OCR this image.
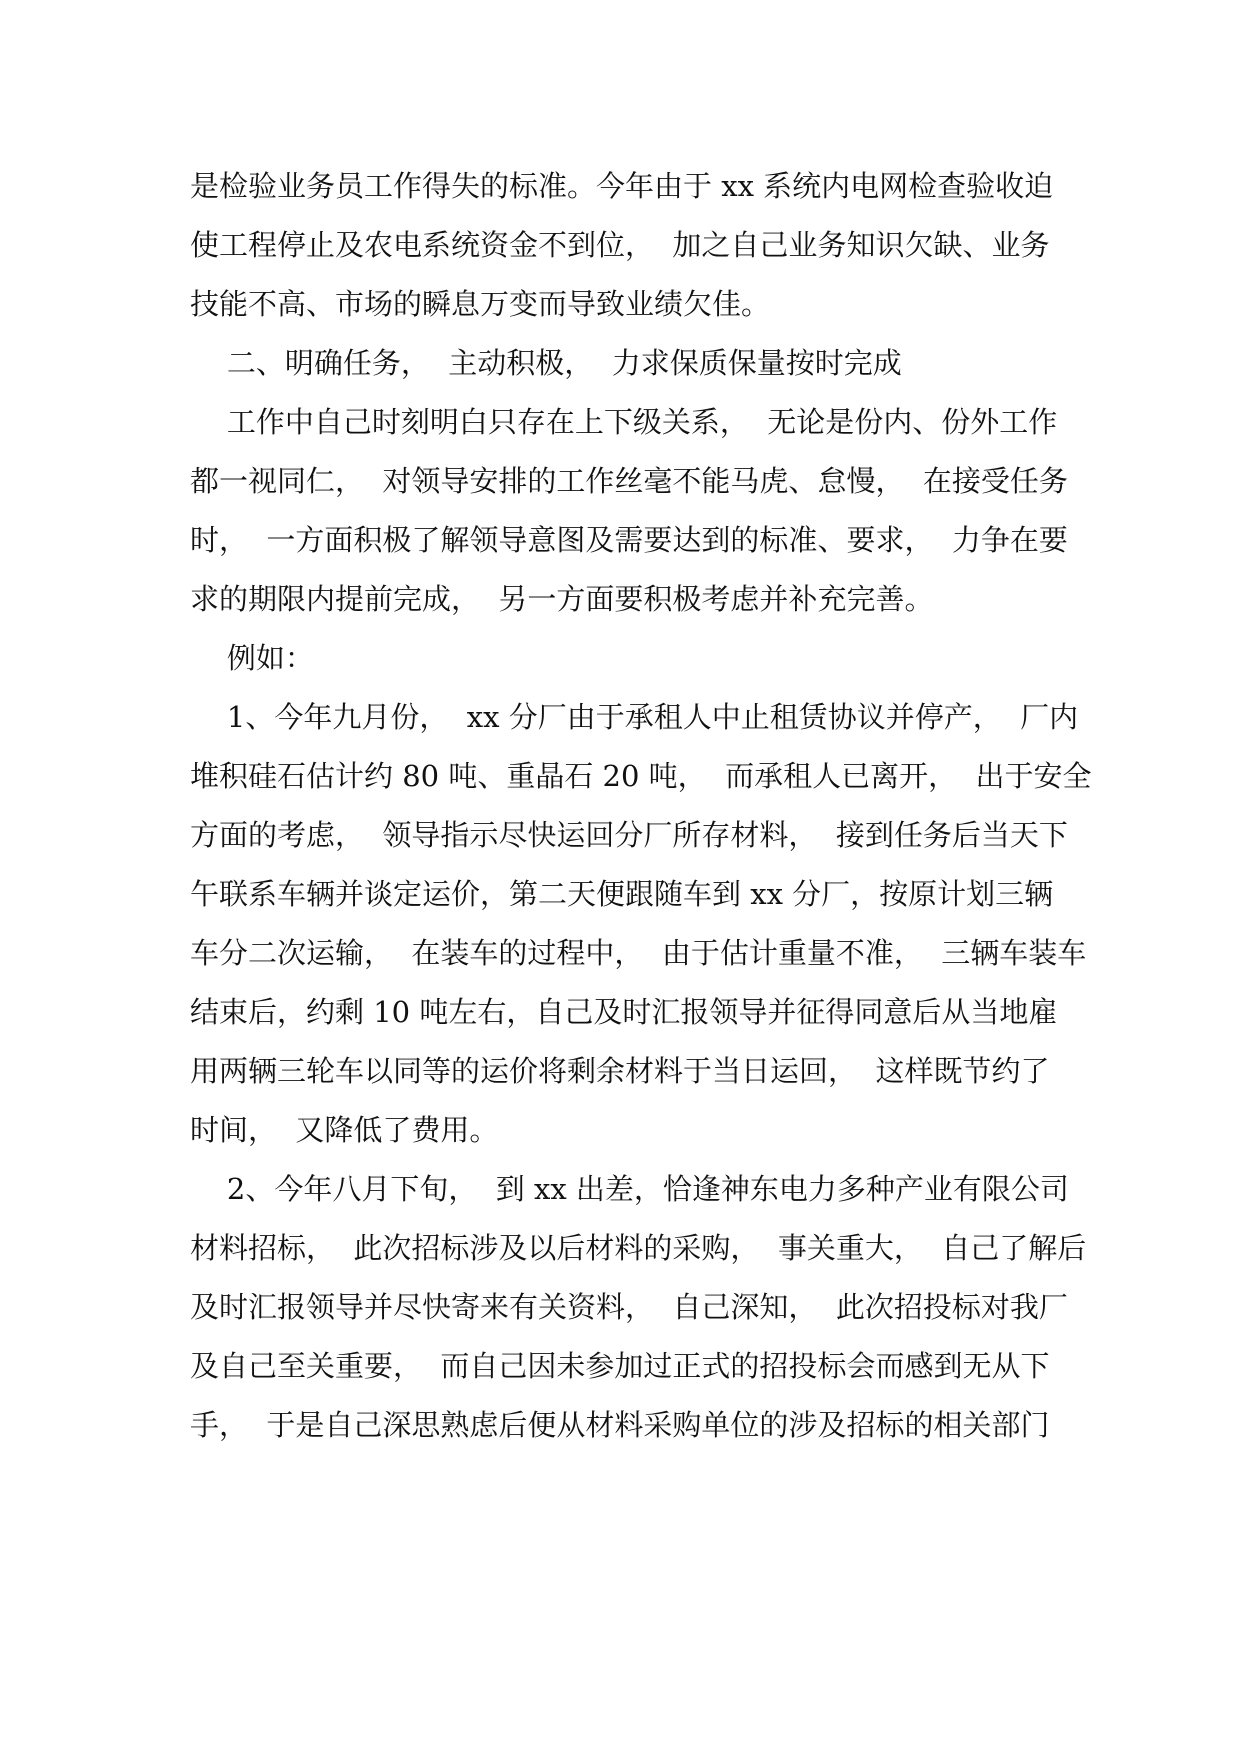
是检验业务员工作得失的标准。今年由于 xx 系统内电网检查验收迫
使工程停止及农电系统资金不到位，  加之自己业务知识欠缺、业务
技能不高、市场的瞬息万变而导致业绩欠佳。
二、明确任务，  主动积极，  力求保质保量按时完成
工作中自己时刻明白只存在上下级关系，  无论是份内、份外工作
都一视同仁，  对领导安排的工作丝毫不能马虎、怠慢，  在接受任务
时，  一方面积极了解领导意图及需要达到的标准、要求，  力争在要
求的期限内提前完成，  另一方面要积极考虑并补充完善。
例如：
1、今年九月份，  xx 分厂由于承租人中止租赁协议并停产，  厂内
堆积硅石估计约 80 吨、重晶石 20 吨，  而承租人已离开，  出于安全
方面的考虑，  领导指示尽快运回分厂所存材料，  接到任务后当天下
午联系车辆并谈定运价，第二天便跟随车到 xx 分厂，按原计划三辆
车分二次运输，  在装车的过程中，  由于估计重量不准，  三辆车装车
结束后，约剩 10 吨左右，自己及时汇报领导并征得同意后从当地雇
用两辆三轮车以同等的运价将剩余材料于当日运回，  这样既节约了
时间，  又降低了费用。
2、今年八月下旬，  到 xx 出差，恰逢神东电力多种产业有限公司
材料招标，  此次招标涉及以后材料的采购，  事关重大，  自己了解后
及时汇报领导并尽快寄来有关资料，  自己深知，  此次招投标对我厂
及自己至关重要，  而自己因未参加过正式的招投标会而感到无从下
手，  于是自己深思熟虑后便从材料采购单位的涉及招标的相关部门
